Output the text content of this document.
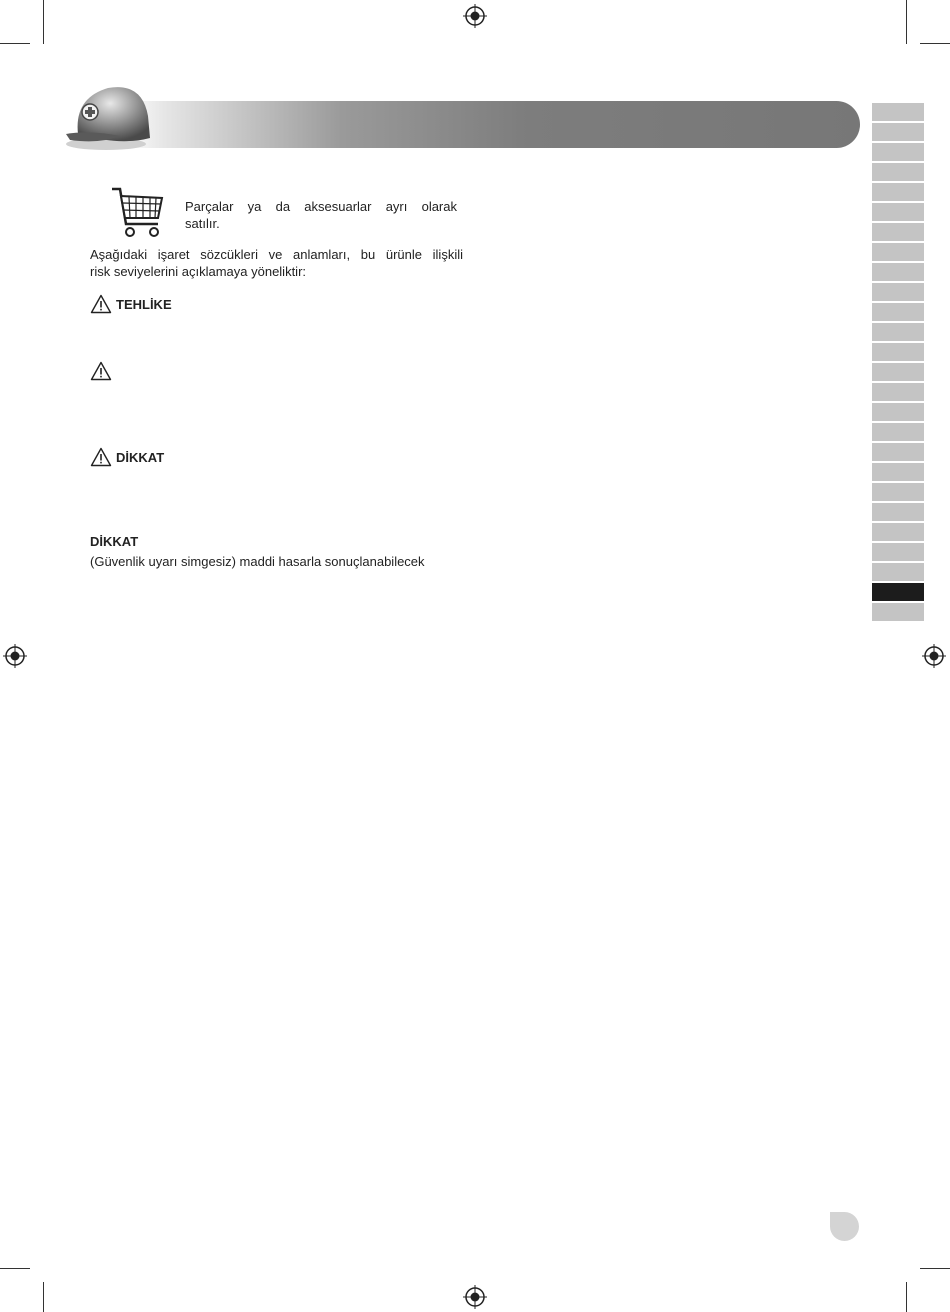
Parçalar ya da aksesuarlar ayrı olarak
satılır.
Aşağıdaki işaret sözcükleri ve anlamları, bu ürünle ilişkili
risk seviyelerini açıklamaya yöneliktir:
TEHLİKE
DİKKAT
DİKKAT
(Güvenlik uyarı simgesiz) maddi hasarla sonuçlanabilecek
